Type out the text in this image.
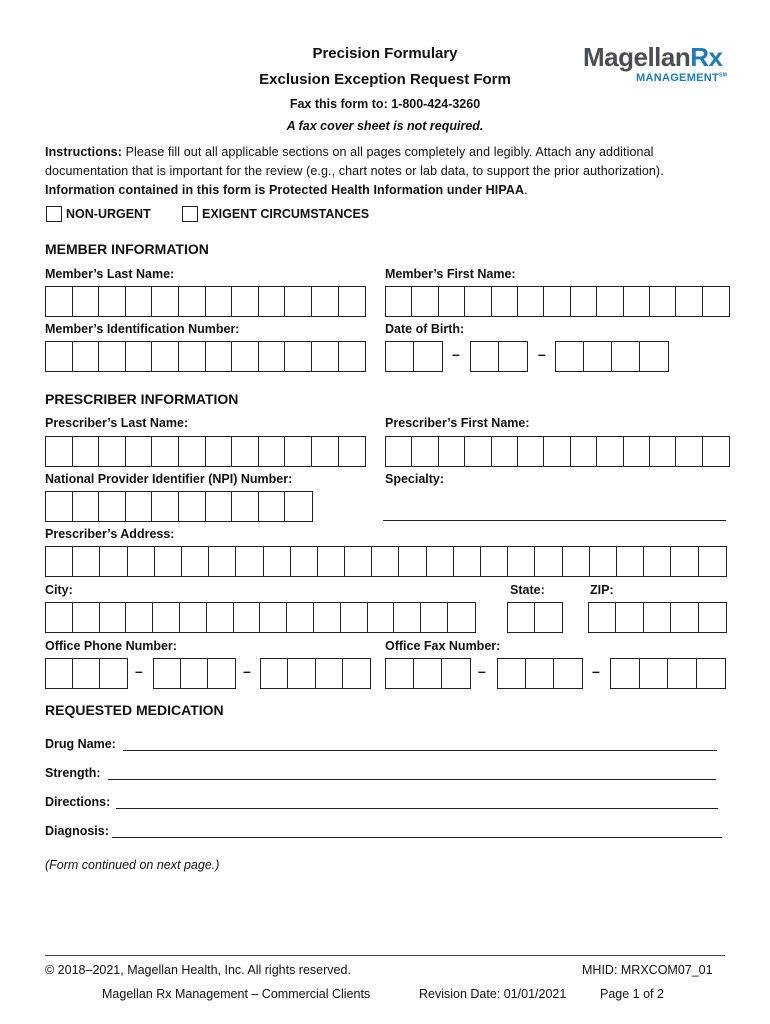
Precision Formulary
Exclusion Exception Request Form
Fax this form to: 1-800-424-3260
A fax cover sheet is not required.
MagellanRx
MANAGEMENT℠
Instructions: Please fill out all applicable sections on all pages completely and legibly. Attach any additional documentation that is important for the review (e.g., chart notes or lab data, to support the prior authorization). Information contained in this form is Protected Health Information under HIPAA.
NON-URGENT	EXIGENT CIRCUMSTANCES
MEMBER INFORMATION
Member’s Last Name:	Member’s First Name:
Member’s Identification Number:	Date of Birth:
–	–
PRESCRIBER INFORMATION
Prescriber’s Last Name:	Prescriber’s First Name:
National Provider Identifier (NPI) Number:	Specialty:
Prescriber’s Address:
City:	State:	ZIP:
Office Phone Number:	Office Fax Number:
–	–	–	–
REQUESTED MEDICATION
Drug Name:
Strength:
Directions:
Diagnosis:
(Form continued on next page.)
© 2018–2021, Magellan Health, Inc. All rights reserved.	MHID: MRXCOM07_01
Magellan Rx Management – Commercial Clients	Revision Date: 01/01/2021	Page 1 of 2
